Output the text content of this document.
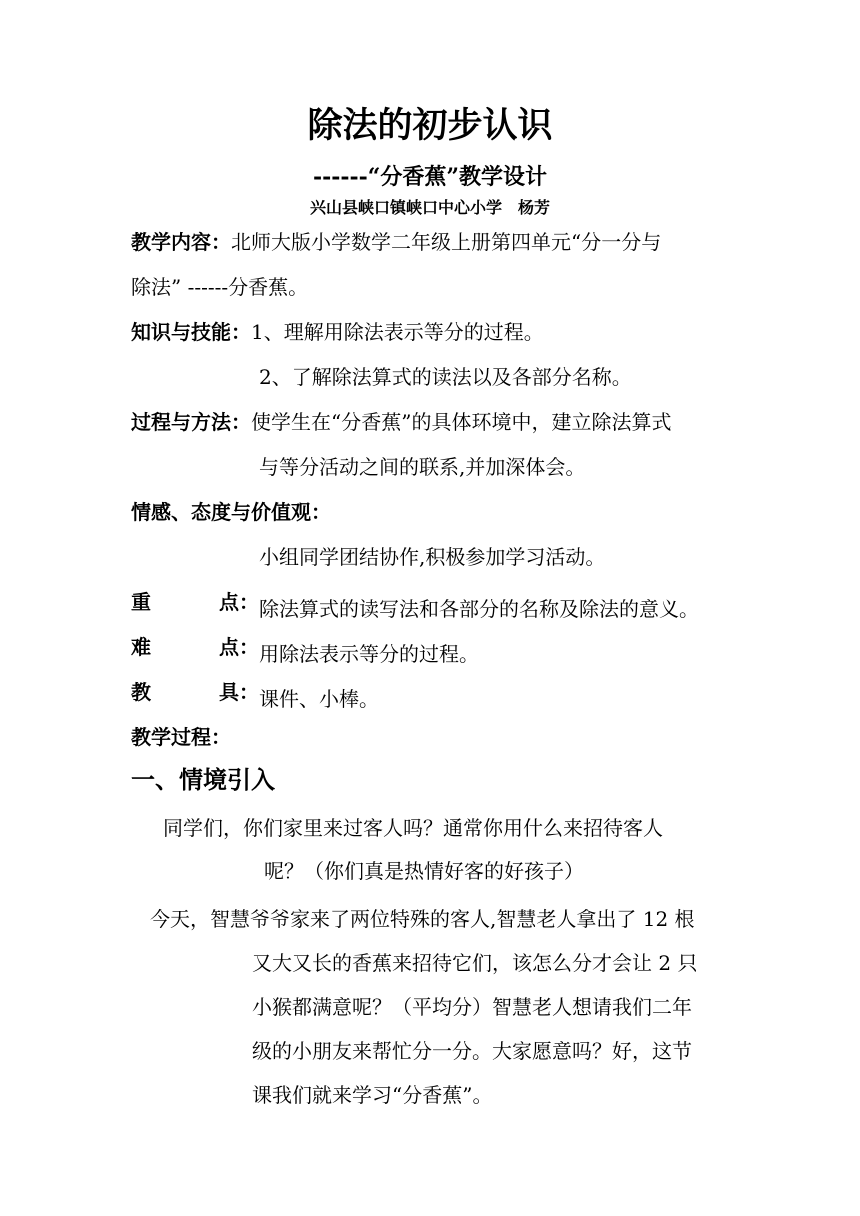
除法的初步认识
------“分香蕉”教学设计
兴山县峡口镇峡口中心小学　杨芳
教学内容：北师大版小学数学二年级上册第四单元“分一分与
除法” ------分香蕉。
知识与技能：1、理解用除法表示等分的过程。
2、了解除法算式的读法以及各部分名称。
过程与方法：使学生在“分香蕉”的具体环境中，建立除法算式
与等分活动之间的联系,并加深体会。
情感、态度与价值观：
小组同学团结协作,积极参加学习活动。
重	点： 除法算式的读写法和各部分的名称及除法的意义。
难	点： 用除法表示等分的过程。
教	具： 课件、小棒。
教学过程：
一、情境引入
同学们，你们家里来过客人吗？通常你用什么来招待客人
呢？（你们真是热情好客的好孩子）
今天，智慧爷爷家来了两位特殊的客人,智慧老人拿出了 12 根
又大又长的香蕉来招待它们，该怎么分才会让 2 只
小猴都满意呢？（平均分）智慧老人想请我们二年
级的小朋友来帮忙分一分。大家愿意吗？好，这节
课我们就来学习“分香蕉”。
